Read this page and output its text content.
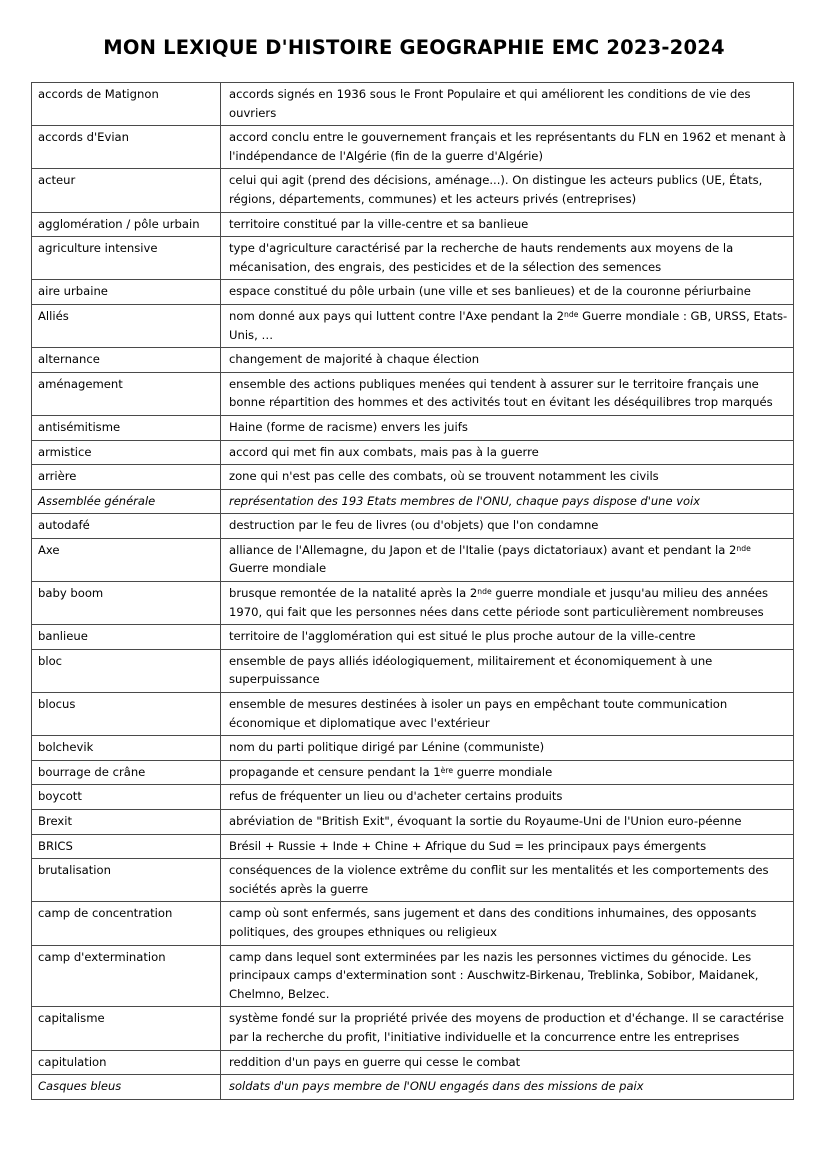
MON LEXIQUE D'HISTOIRE GEOGRAPHIE EMC 2023-2024
accords de Matignon	accords signés en 1936 sous le Front Populaire et qui améliorent les conditions de vie des ouvriers
accords d'Evian	accord conclu entre le gouvernement français et les représentants du FLN en 1962 et menant à l'indépendance de l'Algérie (fin de la guerre d'Algérie)
acteur	celui qui agit (prend des décisions, aménage...). On distingue les acteurs publics (UE, États, régions, départements, communes) et les acteurs privés (entreprises)
agglomération / pôle urbain	territoire constitué par la ville-centre et sa banlieue
agriculture intensive	type d'agriculture caractérisé par la recherche de hauts rendements aux moyens de la mécanisation, des engrais, des pesticides et de la sélection des semences
aire urbaine	espace constitué du pôle urbain (une ville et ses banlieues) et de la couronne périurbaine
Alliés	nom donné aux pays qui luttent contre l'Axe pendant la 2nde Guerre mondiale : GB, URSS, Etats-Unis, …
alternance	changement de majorité à chaque élection
aménagement	ensemble des actions publiques menées qui tendent à assurer sur le territoire français une bonne répartition des hommes et des activités tout en évitant les déséquilibres trop marqués
antisémitisme	Haine (forme de racisme) envers les juifs
armistice	accord qui met fin aux combats, mais pas à la guerre
arrière	zone qui n'est pas celle des combats, où se trouvent notamment les civils
Assemblée générale	représentation des 193 Etats membres de l'ONU, chaque pays dispose d'une voix
autodafé	destruction par le feu de livres (ou d'objets) que l'on condamne
Axe	alliance de l'Allemagne, du Japon et de l'Italie (pays dictatoriaux) avant et pendant la 2nde Guerre mondiale
baby boom	brusque remontée de la natalité après la 2nde guerre mondiale et jusqu'au milieu des années 1970, qui fait que les personnes nées dans cette période sont particulièrement nombreuses
banlieue	territoire de l'agglomération qui est situé le plus proche autour de la ville-centre
bloc	ensemble de pays alliés idéologiquement, militairement et économiquement à une superpuissance
blocus	ensemble de mesures destinées à isoler un pays en empêchant toute communication économique et diplomatique avec l'extérieur
bolchevik	nom du parti politique dirigé par Lénine (communiste)
bourrage de crâne	propagande et censure pendant la 1ère guerre mondiale
boycott	refus de fréquenter un lieu ou d'acheter certains produits
Brexit	abréviation de "British Exit", évoquant la sortie du Royaume-Uni de l'Union euro-péenne
BRICS	Brésil + Russie + Inde + Chine + Afrique du Sud = les principaux pays émergents
brutalisation	conséquences de la violence extrême du conflit sur les mentalités et les comportements des sociétés après la guerre
camp de concentration	camp où sont enfermés, sans jugement et dans des conditions inhumaines, des opposants politiques, des groupes ethniques ou religieux
camp d'extermination	camp dans lequel sont exterminées par les nazis les personnes victimes du génocide. Les principaux camps d'extermination sont : Auschwitz-Birkenau, Treblinka, Sobibor, Maidanek, Chelmno, Belzec.
capitalisme	système fondé sur la propriété privée des moyens de production et d'échange. Il se caractérise par la recherche du profit, l'initiative individuelle et la concurrence entre les entreprises
capitulation	reddition d'un pays en guerre qui cesse le combat
Casques bleus	soldats d'un pays membre de l'ONU engagés dans des missions de paix
